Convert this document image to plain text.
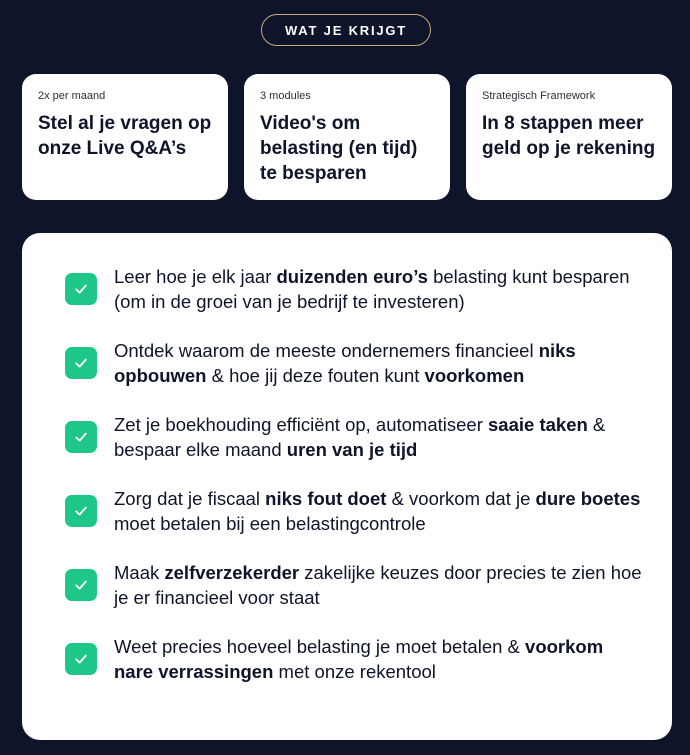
WAT JE KRIJGT
2x per maand
Stel al je vragen op onze Live Q&A’s
3 modules
Video's om belasting (en tijd) te besparen
Strategisch Framework
In 8 stappen meer geld op je rekening
Leer hoe je elk jaar duizenden euro’s belasting kunt besparen (om in de groei van je bedrijf te investeren)
Ontdek waarom de meeste ondernemers financieel niks opbouwen & hoe jij deze fouten kunt voorkomen
Zet je boekhouding efficiënt op, automatiseer saaie taken & bespaar elke maand uren van je tijd
Zorg dat je fiscaal niks fout doet & voorkom dat je dure boetes moet betalen bij een belastingcontrole
Maak zelfverzekerder zakelijke keuzes door precies te zien hoe je er financieel voor staat
Weet precies hoeveel belasting je moet betalen & voorkom nare verrassingen met onze rekentool
